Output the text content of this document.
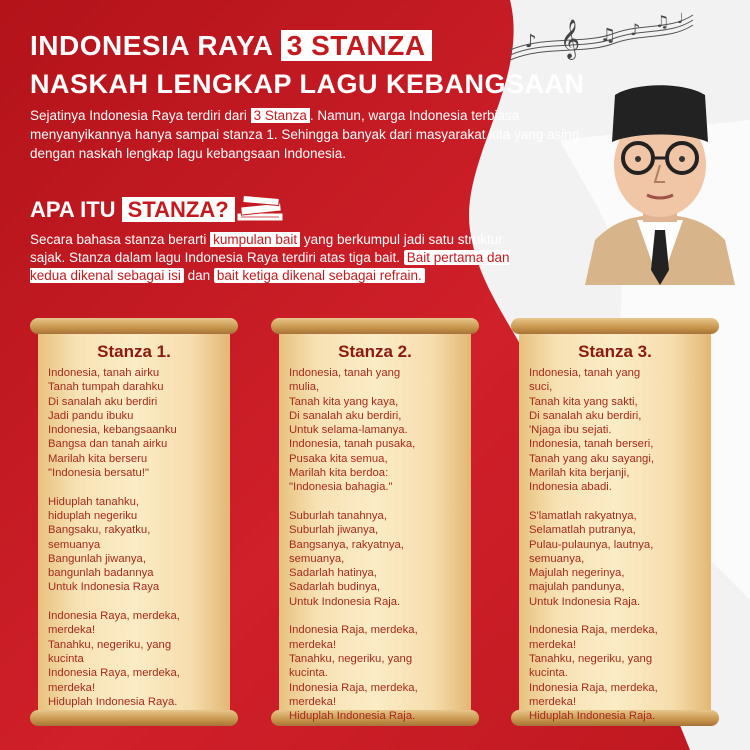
𝄞
♪	♫ ♪ ♫ ♩
INDONESIA RAYA 3 STANZA
NASKAH LENGKAP LAGU KEBANGSAAN
Sejatinya Indonesia Raya terdiri dari 3 Stanza . Namun, warga Indonesia terbiasa menyanyikannya hanya sampai stanza 1. Sehingga banyak dari masyarakat kita yang asing dengan naskah lengkap lagu kebangsaan Indonesia.
APA ITU STANZA?
Secara bahasa stanza berarti kumpulan bait yang berkumpul jadi satu struktur sajak. Stanza dalam lagu Indonesia Raya terdiri atas tiga bait. Bait pertama dan kedua dikenal sebagai isi dan bait ketiga dikenal sebagai refrain.
Stanza 1.
Indonesia, tanah airku
Tanah tumpah darahku
Di sanalah aku berdiri
Jadi pandu ibuku
Indonesia, kebangsaanku
Bangsa dan tanah airku
Marilah kita berseru
"Indonesia bersatu!"

Hiduplah tanahku,
hiduplah negeriku
Bangsaku, rakyatku,
semuanya
Bangunlah jiwanya,
bangunlah badannya
Untuk Indonesia Raya

Indonesia Raya, merdeka,
merdeka!
Tanahku, negeriku, yang
kucinta
Indonesia Raya, merdeka,
merdeka!
Hiduplah Indonesia Raya.
Stanza 2.
Indonesia, tanah yang
mulia,
Tanah kita yang kaya,
Di sanalah aku berdiri,
Untuk selama-lamanya.
Indonesia, tanah pusaka,
Pusaka kita semua,
Marilah kita berdoa:
"Indonesia bahagia."

Suburlah tanahnya,
Suburlah jiwanya,
Bangsanya, rakyatnya,
semuanya,
Sadarlah hatinya,
Sadarlah budinya,
Untuk Indonesia Raja.

Indonesia Raja, merdeka,
merdeka!
Tanahku, negeriku, yang
kucinta.
Indonesia Raja, merdeka,
merdeka!
Hiduplah Indonesia Raja.
Stanza 3.
Indonesia, tanah yang
suci,
Tanah kita yang sakti,
Di sanalah aku berdiri,
'Njaga ibu sejati.
Indonesia, tanah berseri,
Tanah yang aku sayangi,
Marilah kita berjanji,
Indonesia abadi.

S'lamatlah rakyatnya,
Selamatlah putranya,
Pulau-pulaunya, lautnya,
semuanya,
Majulah negerinya,
majulah pandunya,
Untuk Indonesia Raja.

Indonesia Raja, merdeka,
merdeka!
Tanahku, negeriku, yang
kucinta.
Indonesia Raja, merdeka,
merdeka!
Hiduplah Indonesia Raja.
